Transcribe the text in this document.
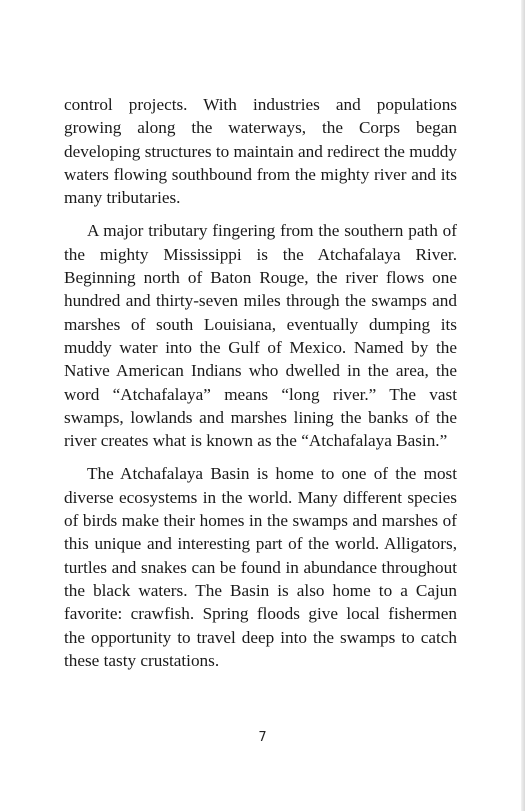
control projects. With industries and populations growing along the waterways, the Corps began developing structures to maintain and redirect the muddy waters flowing southbound from the mighty river and its many tributaries.

A major tributary fingering from the southern path of the mighty Mississippi is the Atchafalaya River. Beginning north of Baton Rouge, the river flows one hundred and thirty-seven miles through the swamps and marshes of south Louisiana, eventually dumping its muddy water into the Gulf of Mexico. Named by the Native American Indians who dwelled in the area, the word “Atchafalaya” means “long river.” The vast swamps, lowlands and marshes lining the banks of the river creates what is known as the “Atchafalaya Basin.”

The Atchafalaya Basin is home to one of the most diverse ecosystems in the world. Many different species of birds make their homes in the swamps and marshes of this unique and interesting part of the world. Alligators, turtles and snakes can be found in abundance throughout the black waters. The Basin is also home to a Cajun favorite: crawfish. Spring floods give local fishermen the opportunity to travel deep into the swamps to catch these tasty crustations.

7
